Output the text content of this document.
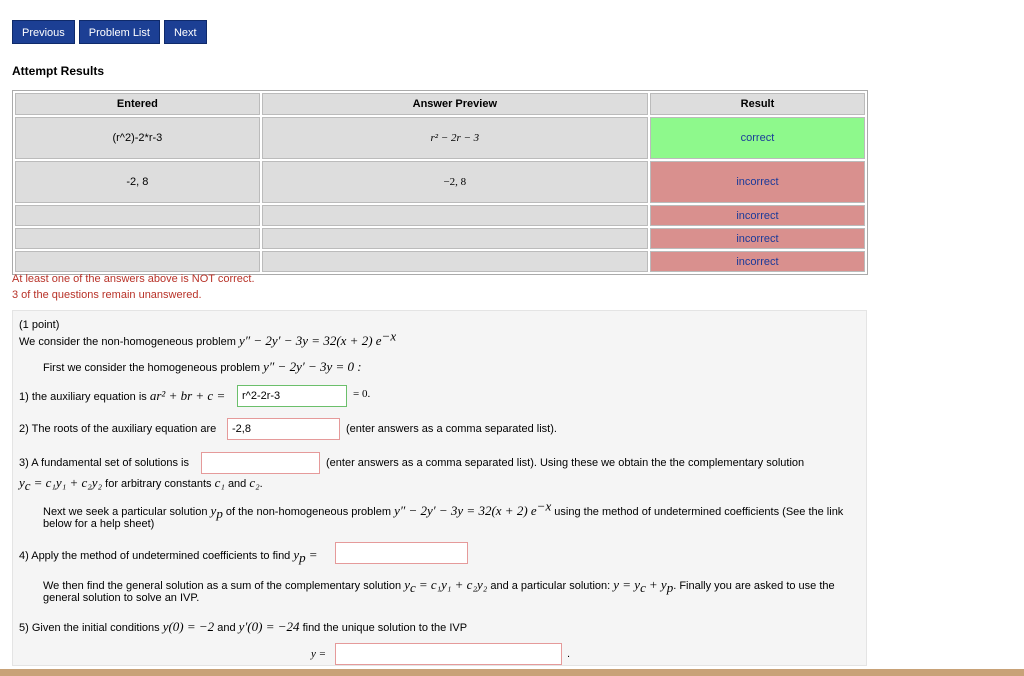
Previous	Problem List	Next
Attempt Results
Entered	Answer Preview	Result
(r^2)-2*r-3	r² − 2r − 3	correct
-2, 8	−2, 8	incorrect
		incorrect
		incorrect
		incorrect
At least one of the answers above is NOT correct.
3 of the questions remain unanswered.
(1 point)
We consider the non-homogeneous problem y″ − 2y′ − 3y = 32(x + 2) $e^{-x}$
First we consider the homogeneous problem y″ − 2y′ − 3y = 0 :
1) the auxiliary equation is ar² + br + c =	r^2-2r-3	= 0.
2) The roots of the auxiliary equation are	-2,8	(enter answers as a comma separated list).
3) A fundamental set of solutions is	(enter answers as a comma separated list). Using these we obtain the the complementary solution
$y_c = c_1y_1 + c_2y_2$ for arbitrary constants c₁ and c₂.
Next we seek a particular solution $y_p$ of the non-homogeneous problem y″ − 2y′ − 3y = 32(x + 2) $e^{-x}$ using the method of undetermined coefficients (See the link
below for a help sheet)
4) Apply the method of undetermined coefficients to find $y_p$ =
We then find the general solution as a sum of the complementary solution $y_c = c_1y_1 + c_2y_2$ and a particular solution: $y = y_c + y_p$. Finally you are asked to use the
general solution to solve an IVP.
5) Given the initial conditions y(0) = −2 and y′(0) = −24 find the unique solution to the IVP
y =	.
